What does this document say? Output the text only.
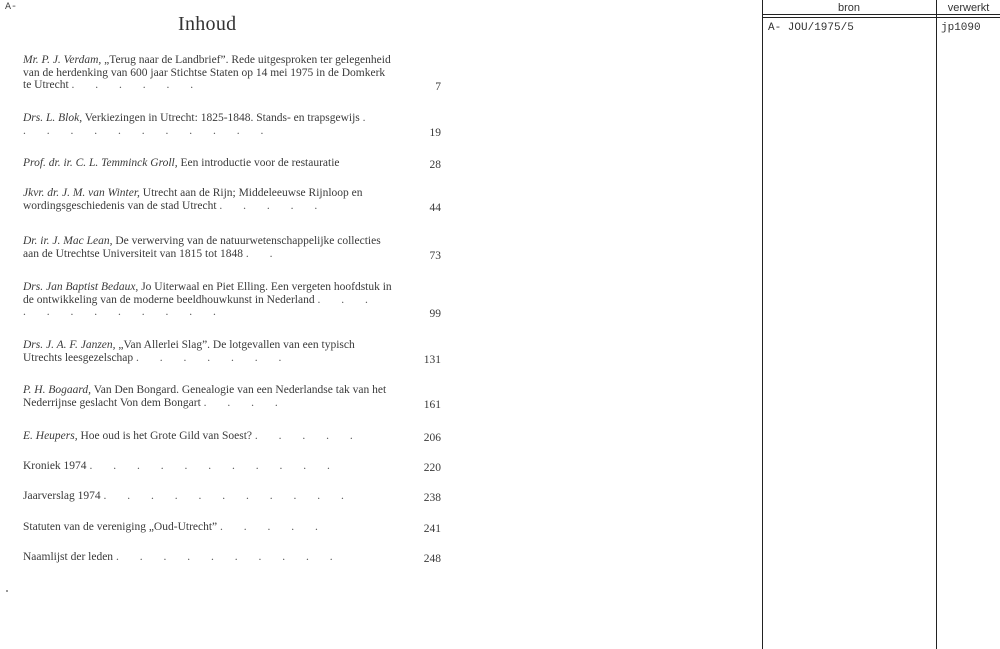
A-
Inhoud
Mr. P. J. Verdam, „Terug naar de Landbrief”. Rede uitgesproken ter gelegenheid van de herdenking van 600 jaar Stichtse Staten op 14 mei 1975 in de Domkerk te Utrecht . . . . . .	7
Drs. L. Blok, Verkiezingen in Utrecht: 1825-1848. Stands- en trapsgewijs . . . . . . . . . . . .	19
Prof. dr. ir. C. L. Temminck Groll, Een introductie voor de restauratie	28
Jkvr. dr. J. M. van Winter, Utrecht aan de Rijn; Middeleeuwse Rijnloop en wordingsgeschiedenis van de stad Utrecht . . . . .	44
Dr. ir. J. Mac Lean, De verwerving van de natuurwetenschappelijke collecties aan de Utrechtse Universiteit van 1815 tot 1848 . .	73
Drs. Jan Baptist Bedaux, Jo Uiterwaal en Piet Elling. Een vergeten hoofdstuk in de ontwikkeling van de moderne beeldhouwkunst in Nederland . . . . . . . . . . . .	99
Drs. J. A. F. Janzen, „Van Allerlei Slag”. De lotgevallen van een typisch Utrechts leesgezelschap . . . . . . .	131
P. H. Bogaard, Van Den Bongard. Genealogie van een Nederlandse tak van het Nederrijnse geslacht Von dem Bongart . . . .	161
E. Heupers, Hoe oud is het Grote Gild van Soest? . . . . .	206
Kroniek 1974 . . . . . . . . . . .	220
Jaarverslag 1974 . . . . . . . . . . .	238
Statuten van de vereniging „Oud-Utrecht” . . . . .	241
Naamlijst der leden . . . . . . . . . .	248
bron	verwerkt
A- JOU/1975/5	jp1090
